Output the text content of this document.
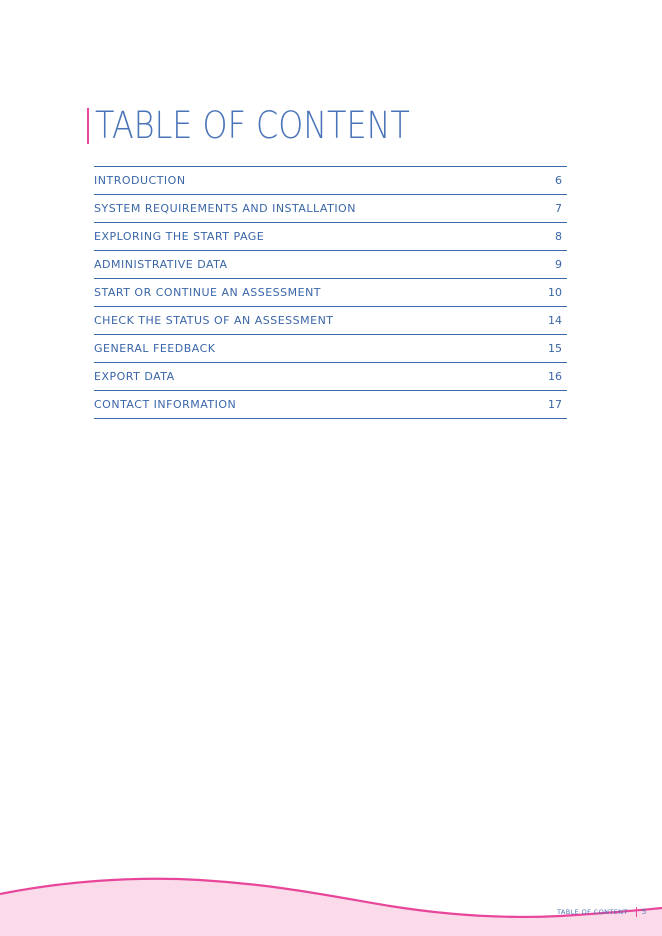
TABLE OF CONTENT
INTRODUCTION	6
SYSTEM REQUIREMENTS AND INSTALLATION	7
EXPLORING THE START PAGE	8
ADMINISTRATIVE DATA	9
START OR CONTINUE AN ASSESSMENT	10
CHECK THE STATUS OF AN ASSESSMENT	14
GENERAL FEEDBACK	15
EXPORT DATA	16
CONTACT INFORMATION	17
TABLE OF CONTENT 5
